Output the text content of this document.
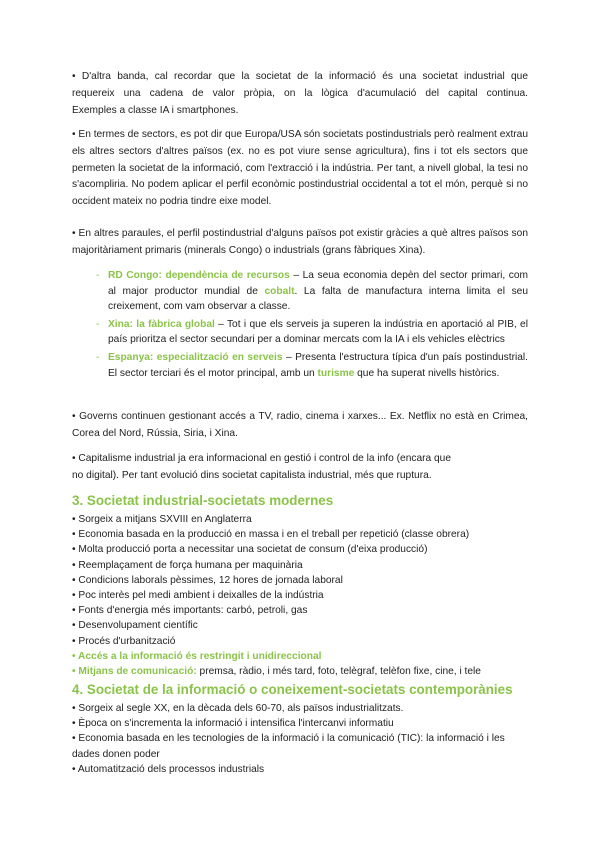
• D'altra banda, cal recordar que la societat de la informació és una societat industrial que
requereix una cadena de valor pròpia, on la lògica d'acumulació del capital continua.
Exemples a classe IA i smartphones.
• En termes de sectors, es pot dir que Europa/USA són societats postindustrials però realment extrau els altres sectors d'altres països (ex. no es pot viure sense agricultura), fins i tot els sectors que permeten la societat de la informació, com l'extracció i la indústria. Per tant, a nivell global, la tesi no s'acompliria. No podem aplicar el perfil econòmic postindustrial occidental a tot el món, perquè si no occident mateix no podria tindre eixe model.
• En altres paraules, el perfil postindustrial d'alguns països pot existir gràcies a què altres països son majoritàriament primaris (minerals Congo) o industrials (grans fàbriques Xina).
- RD Congo: dependència de recursos – La seua economia depèn del sector primari, com al major productor mundial de cobalt. La falta de manufactura interna limita el seu creixement, com vam observar a classe.
- Xina: la fàbrica global – Tot i que els serveis ja superen la indústria en aportació al PIB, el país prioritza el sector secundari per a dominar mercats com la IA i els vehicles elèctrics
- Espanya: especialització en serveis – Presenta l'estructura típica d'un país postindustrial. El sector terciari és el motor principal, amb un turisme que ha superat nivells històrics.
• Governs continuen gestionant accés a TV, radio, cinema i xarxes... Ex. Netflix no està en Crimea, Corea del Nord, Rússia, Siria, i Xina.
• Capitalisme industrial ja era informacional en gestió i control de la info (encara que
no digital). Per tant evolució dins societat capitalista industrial, més que ruptura.
3. Societat industrial-societats modernes
• Sorgeix a mitjans SXVIII en Anglaterra
• Economia basada en la producció en massa i en el treball per repetició (classe obrera)
• Molta producció porta a necessitar una societat de consum (d'eixa producció)
• Reemplaçament de força humana per maquinària
• Condicions laborals pèssimes, 12 hores de jornada laboral
• Poc interès pel medi ambient i deixalles de la indústria
• Fonts d'energia més importants: carbó, petroli, gas
• Desenvolupament científic
• Procés d'urbanització
• Accés a la informació és restringit i unidireccional
• Mitjans de comunicació: premsa, ràdio, i més tard, foto, telègraf, telèfon fixe, cine, i tele
4. Societat de la informació o coneixement-societats contemporànies
• Sorgeix al segle XX, en la dècada dels 60-70, als països industrialitzats.
• Època on s'incrementa la informació i intensifica l'intercanvi informatiu
• Economia basada en les tecnologies de la informació i la comunicació (TIC): la informació i les dades donen poder
• Automatització dels processos industrials
